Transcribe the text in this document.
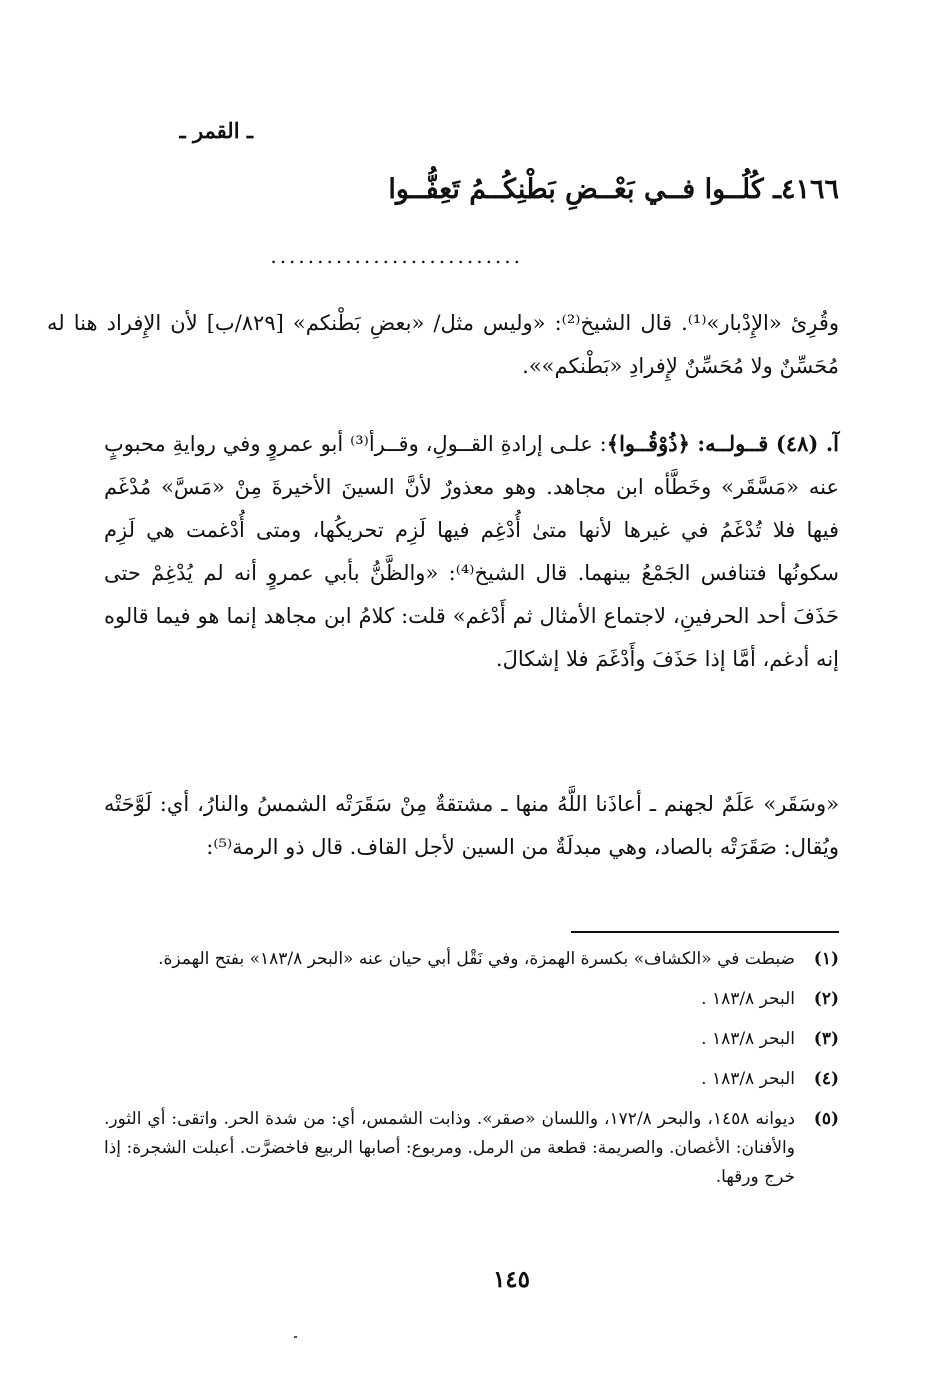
ـ القمر ـ
٤١٦٦ـ كُلُــوا فــي بَعْــضِ بَطْنِكُــمُ تَعِفُّــوا
...........................

وقُرِئ «الإِدْبار»⁽¹⁾. قال الشيخ⁽²⁾: «وليس مثل/ «بعضِ بَطْنكم» [٨٢٩/ب] لأن الإِفراد هنا له مُحَسِّنٌ ولا مُحَسِّنٌ لإِفرادِ «بَطْنكم»».

آ. (٤٨) قــولــه: ﴿ذُوْقُــوا﴾: علـى إرادةِ القــولِ، وقــرأ⁽³⁾ أبو عمروٍ وفي روايةِ محبوبٍ عنه «مَسَّقَر» وخَطَّأه ابن مجاهد. وهو معذورٌ لأنَّ السينَ الأخيرةَ مِنْ «مَسَّ» مُدْغَم فيها فلا تُدْغَمُ في غيرها لأنها متىٰ أُدْغِم فيها لَزِم تحريكُها، ومتى أُدْغمت هي لَزِم سكونُها فتنافس الجَمْعُ بينهما. قال الشيخ⁽⁴⁾: «والظَّنُّ بأبي عمروٍ أنه لم يُدْغِمْ حتى حَذَفَ أحد الحرفينِ، لاجتماع الأمثال ثم أَدْغم» قلت: كلامُ ابن مجاهد إنما هو فيما قالوه إنه أدغم، أمَّا إذا حَذَفَ وأَدْغَمَ فلا إشكالَ.

«وسَقَر» عَلَمٌ لجهنم ـ أعاذَنا اللَّهُ منها ـ مشتقةٌ مِنْ سَقَرَتْه الشمسُ والنارُ، أي: لَوَّحَتْه ويُقال: صَقَرَتْه بالصاد، وهي مبدلَةٌ من السين لأجل القاف. قال ذو الرمة⁽⁵⁾:

(١)
ضبطت في «الكشاف» بكسرة الهمزة، وفي نَقْل أبي حيان عنه «البحر ١٨٣/٨» بفتح الهمزة.
(٢)
البحر ١٨٣/٨ .
(٣)
البحر ١٨٣/٨ .
(٤)
البحر ١٨٣/٨ .
(٥)
ديوانه ١٤٥٨، والبحر ١٧٢/٨، واللسان «صقر». وذابت الشمس، أي: من شدة الحر. واتقى: أي الثور. والأفنان: الأغصان. والصريمة: قطعة من الرمل. ومربوع: أصابها الربيع فاخضرَّت. أعبلت الشجرة: إذا خرج ورقها.
١٤٥
